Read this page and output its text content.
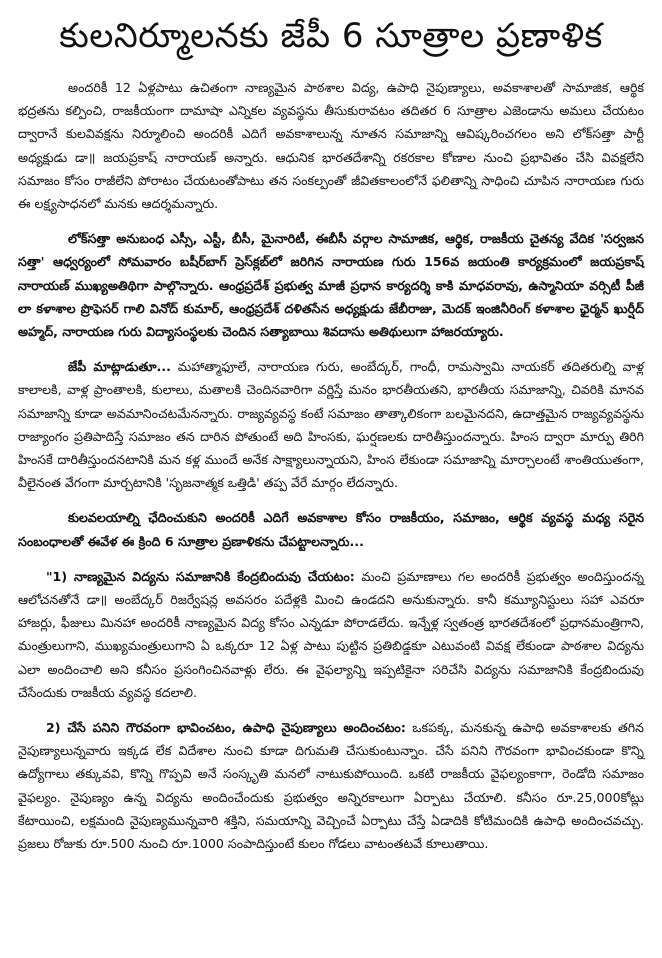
కులనిర్మూలనకు జేపీ 6 సూత్రాల ప్రణాళిక

అందరికీ 12 ఏళ్లపాటు ఉచితంగా నాణ్యమైన పాఠశాల విద్య, ఉపాధి నైపుణ్యాలు, అవకాశాలతో సామాజిక, ఆర్థిక భద్రతను కల్పించి, రాజకీయంగా దామాషా ఎన్నికల వ్యవస్థను తీసుకురావటం తదితర 6 సూత్రాల ఎజెండాను అమలు చేయటం ద్వారానే కులవివక్షను నిర్మూలించి అందరికీ ఎదిగే అవకాశాలున్న నూతన సమాజాన్ని ఆవిష్కరించగలం అని లోక్‌సత్తా పార్టీ అధ్యక్షుడు డా॥ జయప్రకాష్ నారాయణ్ అన్నారు. ఆధునిక భారతదేశాన్ని రకరకాల కోణాల నుంచి ప్రభావితం చేసి వివక్షలేని సమాజం కోసం రాజీలేని పోరాటం చేయటంతోపాటు తన సంకల్పంతో జీవితకాలంలోనే ఫలితాన్ని సాధించి చూపిన నారాయణ గురు ఈ లక్ష్యసాధనలో మనకు ఆదర్శమన్నారు.

లోక్‌సత్తా అనుబంధ ఎస్సీ, ఎస్టీ, బీసీ, మైనారిటీ, ఈబీసీ వర్గాల సామాజిక, ఆర్థిక, రాజకీయ చైతన్య వేదిక 'సర్వజన సత్తా' ఆధ్వర్యంలో సోమవారం బషీర్‌బాగ్ ప్రెస్‌క్లబ్‌లో జరిగిన నారాయణ గురు 156వ జయంతి కార్యక్రమంలో జయప్రకాష్ నారాయణ్ ముఖ్యఅతిథిగా పాల్గొన్నారు. ఆంధ్రప్రదేశ్ ప్రభుత్వ మాజీ ప్రధాన కార్యదర్శి కాకి మాధవరావు, ఉస్మానియా వర్సిటీ పీజీ లా కళాశాల ప్రొఫెసర్ గాలి వినోద్ కుమార్, ఆంధ్రప్రదేశ్ దళితసేన అధ్యక్షుడు జేబీరాజు, మెదక్ ఇంజినీరింగ్ కళాశాల ఛైర్మన్ ఖుర్షీద్ అహ్మద్, నారాయణ గురు విద్యాసంస్థలకు చెందిన సత్యాబాయి శివదాసు అతిథులుగా హాజరయ్యారు.

జేపీ మాట్లాడుతూ... మహాత్మాఫూలే, నారాయణ గురు, అంబేద్కర్, గాంధీ, రామస్వామి నాయకర్ తదితరుల్ని వాళ్ల కాలాలకి, వాళ్ల ప్రాంతాలకి, కులాలు, మతాలకి చెందినవారిగా వర్ణిస్తే మనం భారతీయతని, భారతీయ సమాజాన్ని, చివరికి మానవ సమాజాన్ని కూడా అవమానించటమేనన్నారు. రాజ్యవ్యవస్థ కంటే సమాజం తాత్కాలికంగా బలమైనదని, ఉదాత్తమైన రాజ్యవ్యవస్థను రాజ్యాంగం ప్రతిపాదిస్తే సమాజం తన దారిన పోతుంటే అది హింసకు, ఘర్షణలకు దారితీస్తుందన్నారు. హింస ద్వారా మార్పు తిరిగి హింసకే దారితీస్తుందనటానికి మన కళ్ల ముందే అనేక సాక్ష్యాలున్నాయని, హింస లేకుండా సమాజాన్ని మార్చాలంటే శాంతియుతంగా, వీలైనంత వేగంగా మార్చటానికి 'సృజనాత్మక ఒత్తిడి' తప్ప వేరే మార్గం లేదన్నారు.

కులవలయాల్ని ఛేదించుకుని అందరికీ ఎదిగే అవకాశాల కోసం రాజకీయం, సమాజం, ఆర్థిక వ్యవస్థ మధ్య సరైన సంబంధాలతో ఈవేళ ఈ క్రింది 6 సూత్రాల ప్రణాళికను చేపట్టాలన్నారు...

"1) నాణ్యమైన విద్యను సమాజానికి కేంద్రబిందువు చేయటం: మంచి ప్రమాణాలు గల అందరికీ ప్రభుత్వం అందిస్తుందన్న ఆలోచనతోనే డా॥ అంబేద్కర్ రిజర్వేషన్ల అవసరం పదేళ్లకి మించి ఉండదని అనుకున్నారు. కానీ కమ్యూనిస్టులు సహా ఎవరూ హాజర్లు, ఫీజులు మినహా అందరికీ నాణ్యమైన విద్య కోసం ఎన్నడూ పోరాడలేదు. ఇన్నేళ్ల స్వతంత్ర భారతదేశంలో ప్రధానమంత్రిగాని, మంత్రులుగాని, ముఖ్యమంత్రులుగాని ఏ ఒక్కరూ 12 ఏళ్ల పాటు పుట్టిన ప్రతిబిడ్డకూ ఎటువంటి వివక్ష లేకుండా పాఠశాల విద్యను ఎలా అందించాలి అని కనీసం ప్రసంగించినవాళ్లు లేరు. ఈ వైఫల్యాన్ని ఇప్పటికైనా సరిచేసి విద్యను సమాజానికి కేంద్రబిందువు చేసేందుకు రాజకీయ వ్యవస్థ కదలాలి.

2) చేసే పనిని గౌరవంగా భావించటం, ఉపాధి నైపుణ్యాలు అందించటం: ఒకపక్క, మనకున్న ఉపాధి అవకాశాలకు తగిన నైపుణ్యాలున్నవారు ఇక్కడ లేక విదేశాల నుంచి కూడా దిగుమతి చేసుకుంటున్నాం. చేసే పనిని గౌరవంగా భావించకుండా కొన్ని ఉద్యోగాలు తక్కువవి, కొన్ని గొప్పవి అనే సంస్కృతి మనలో నాటుకుపోయింది. ఒకటి రాజకీయ వైఫల్యంకాగా, రెండోది సమాజం వైఫల్యం. నైపుణ్యం ఉన్న విద్యను అందించేందుకు ప్రభుత్వం అన్నిరకాలుగా ఏర్పాటు చేయాలి. కనీసం రూ.25,000కోట్లు కేటాయించి, లక్షమంది నైపుణ్యమున్నవారి శక్తిని, సమయాన్ని వెచ్చించే ఏర్పాటు చేస్తే ఏడాదికి కోటిమందికి ఉపాధి అందించవచ్చు. ప్రజలు రోజుకు రూ.500 నుంచి రూ.1000 సంపాదిస్తుంటే కులం గోడలు వాటంతటవే కూలుతాయి.
